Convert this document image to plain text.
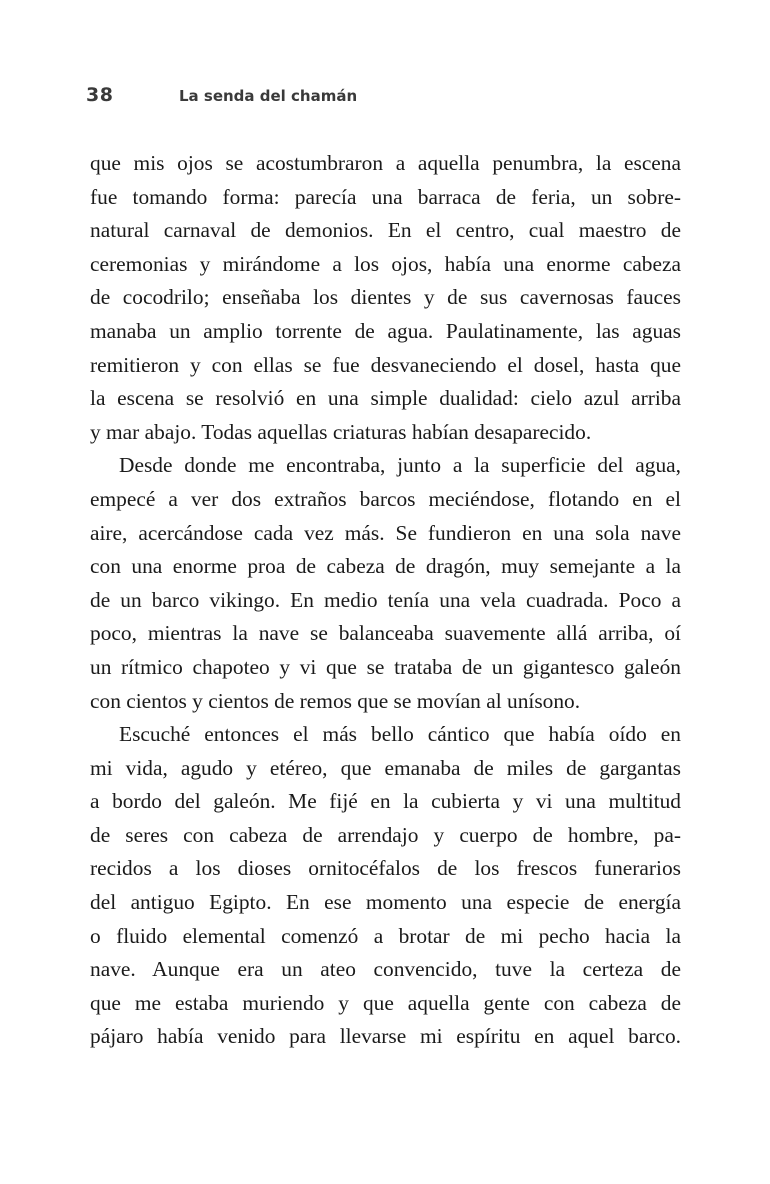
38	La senda del chamán
que mis ojos se acostumbraron a aquella penumbra, la escena
fue tomando forma: parecía una barraca de feria, un sobre-
natural carnaval de demonios. En el centro, cual maestro de
ceremonias y mirándome a los ojos, había una enorme cabeza
de cocodrilo; enseñaba los dientes y de sus cavernosas fauces
manaba un amplio torrente de agua. Paulatinamente, las aguas
remitieron y con ellas se fue desvaneciendo el dosel, hasta que
la escena se resolvió en una simple dualidad: cielo azul arriba
y mar abajo. Todas aquellas criaturas habían desaparecido.
Desde donde me encontraba, junto a la superficie del agua,
empecé a ver dos extraños barcos meciéndose, flotando en el
aire, acercándose cada vez más. Se fundieron en una sola nave
con una enorme proa de cabeza de dragón, muy semejante a la
de un barco vikingo. En medio tenía una vela cuadrada. Poco a
poco, mientras la nave se balanceaba suavemente allá arriba, oí
un rítmico chapoteo y vi que se trataba de un gigantesco galeón
con cientos y cientos de remos que se movían al unísono.
Escuché entonces el más bello cántico que había oído en
mi vida, agudo y etéreo, que emanaba de miles de gargantas
a bordo del galeón. Me fijé en la cubierta y vi una multitud
de seres con cabeza de arrendajo y cuerpo de hombre, pa-
recidos a los dioses ornitocéfalos de los frescos funerarios
del antiguo Egipto. En ese momento una especie de energía
o fluido elemental comenzó a brotar de mi pecho hacia la
nave. Aunque era un ateo convencido, tuve la certeza de
que me estaba muriendo y que aquella gente con cabeza de
pájaro había venido para llevarse mi espíritu en aquel barco.
